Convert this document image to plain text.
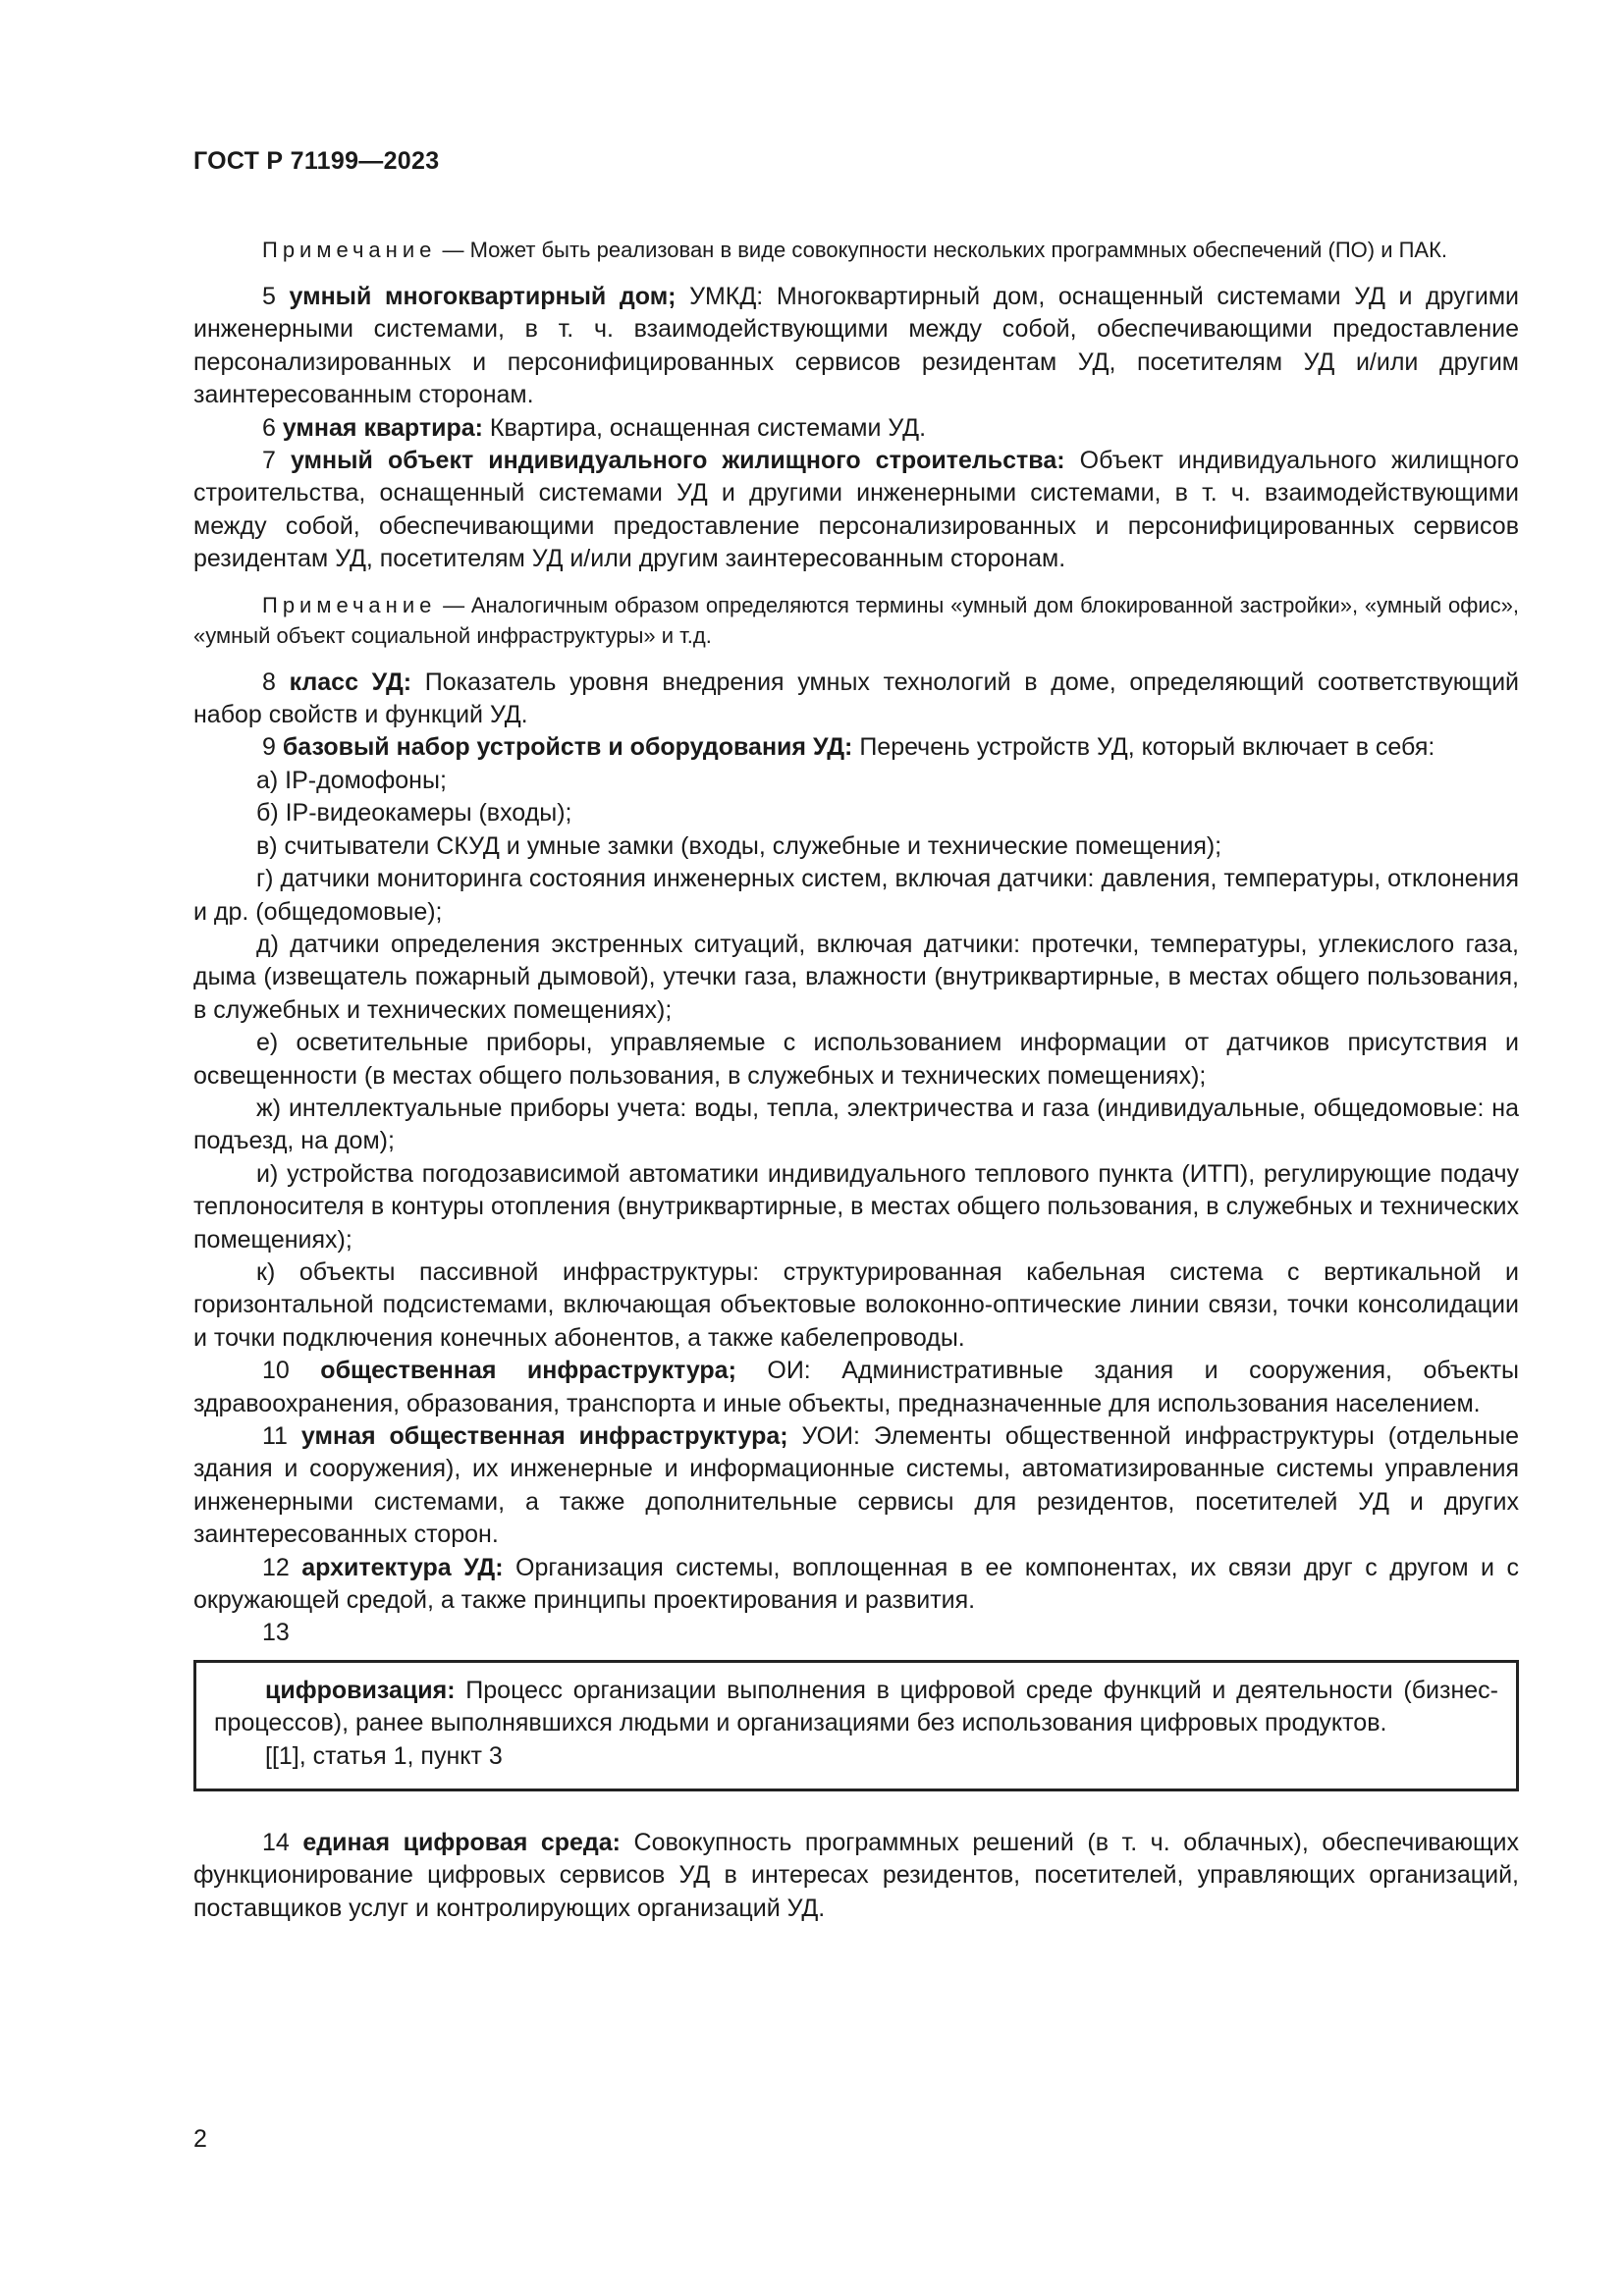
ГОСТ Р 71199—2023

Примечание — Может быть реализован в виде совокупности нескольких программных обеспечений (ПО) и ПАК.

5 умный многоквартирный дом; УМКД: Многоквартирный дом, оснащенный системами УД и другими инженерными системами, в т. ч. взаимодействующими между собой, обеспечивающими предоставление персонализированных и персонифицированных сервисов резидентам УД, посетителям УД и/или другим заинтересованным сторонам.

6 умная квартира: Квартира, оснащенная системами УД.

7 умный объект индивидуального жилищного строительства: Объект индивидуального жилищного строительства, оснащенный системами УД и другими инженерными системами, в т. ч. взаимодействующими между собой, обеспечивающими предоставление персонализированных и персонифицированных сервисов резидентам УД, посетителям УД и/или другим заинтересованным сторонам.

Примечание — Аналогичным образом определяются термины «умный дом блокированной застройки», «умный офис», «умный объект социальной инфраструктуры» и т.д.

8 класс УД: Показатель уровня внедрения умных технологий в доме, определяющий соответствующий набор свойств и функций УД.

9 базовый набор устройств и оборудования УД: Перечень устройств УД, который включает в себя:

а) IP-домофоны;

б) IP-видеокамеры (входы);

в) считыватели СКУД и умные замки (входы, служебные и технические помещения);

г) датчики мониторинга состояния инженерных систем, включая датчики: давления, температуры, отклонения и др. (общедомовые);

д) датчики определения экстренных ситуаций, включая датчики: протечки, температуры, углекислого газа, дыма (извещатель пожарный дымовой), утечки газа, влажности (внутриквартирные, в местах общего пользования, в служебных и технических помещениях);

е) осветительные приборы, управляемые с использованием информации от датчиков присутствия и освещенности (в местах общего пользования, в служебных и технических помещениях);

ж) интеллектуальные приборы учета: воды, тепла, электричества и газа (индивидуальные, общедомовые: на подъезд, на дом);

и) устройства погодозависимой автоматики индивидуального теплового пункта (ИТП), регулирующие подачу теплоносителя в контуры отопления (внутриквартирные, в местах общего пользования, в служебных и технических помещениях);

к) объекты пассивной инфраструктуры: структурированная кабельная система с вертикальной и горизонтальной подсистемами, включающая объектовые волоконно-оптические линии связи, точки консолидации и точки подключения конечных абонентов, а также кабелепроводы.

10 общественная инфраструктура; ОИ: Административные здания и сооружения, объекты здравоохранения, образования, транспорта и иные объекты, предназначенные для использования населением.

11 умная общественная инфраструктура; УОИ: Элементы общественной инфраструктуры (отдельные здания и сооружения), их инженерные и информационные системы, автоматизированные системы управления инженерными системами, а также дополнительные сервисы для резидентов, посетителей УД и других заинтересованных сторон.

12 архитектура УД: Организация системы, воплощенная в ее компонентах, их связи друг с другом и с окружающей средой, а также принципы проектирования и развития.

13

цифровизация: Процесс организации выполнения в цифровой среде функций и деятельности (бизнес-процессов), ранее выполнявшихся людьми и организациями без использования цифровых продуктов.

[[1], статья 1, пункт 3

14 единая цифровая среда: Совокупность программных решений (в т. ч. облачных), обеспечивающих функционирование цифровых сервисов УД в интересах резидентов, посетителей, управляющих организаций, поставщиков услуг и контролирующих организаций УД.

2
